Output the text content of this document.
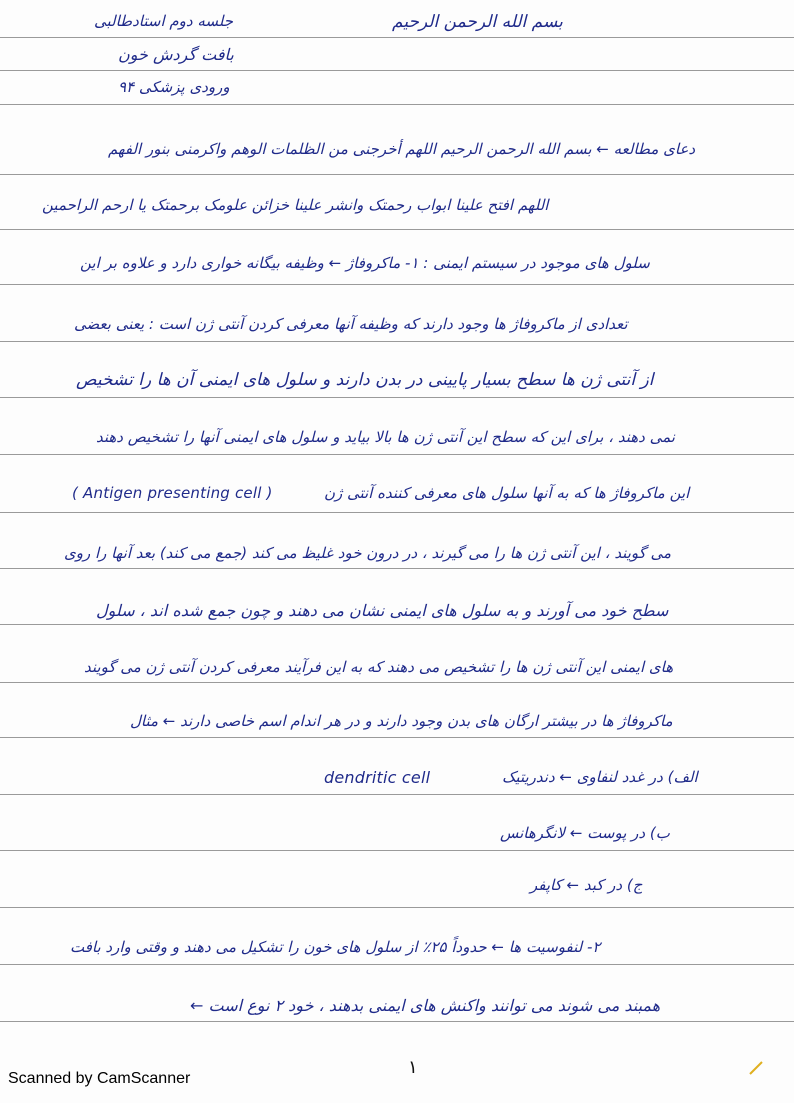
بسم الله الرحمن الرحیم
جلسه دوم استادطالبی
بافت گردش خون
ورودی پزشکی ۹۴
دعای مطالعه ← بسم الله الرحمن الرحیم اللهم أخرجنی من الظلمات الوهم واکرمنی بنور الفهم
اللهم افتح علینا ابواب رحمتک وانشر علینا خزائن علومک برحمتک یا ارحم الراحمین
سلول های موجود در سیستم ایمنی : ۱- ماکروفاژ ← وظیفه بیگانه خواری دارد و علاوه بر این
تعدادی از ماکروفاژ ها وجود دارند که وظیفه آنها معرفی کردن آنتی ژن است : یعنی بعضی
از آنتی ژن ها سطح بسیار پایینی در بدن دارند و سلول های ایمنی آن ها را تشخیص
نمی دهند ، برای این که سطح این آنتی ژن ها بالا بیاید و سلول های ایمنی آنها را تشخیص دهند
این ماکروفاژ ها که به آنها سلول های معرفی کننده آنتی ژن
( Antigen presenting cell )
می گویند ، این آنتی ژن ها را می گیرند ، در درون خود غلیظ می کند (جمع می کند) بعد آنها را روی
سطح خود می آورند و به سلول های ایمنی نشان می دهند و چون جمع شده اند ، سلول
های ایمنی این آنتی ژن ها را تشخیص می دهند که به این فرآیند معرفی کردن آنتی ژن می گویند
ماکروفاژ ها در بیشتر ارگان های بدن وجود دارند و در هر اندام اسم خاصی دارند ← مثال
dendritic cell	الف) در غدد لنفاوی ← دندریتیک
ب) در پوست ← لانگرهانس
ج) در کبد ← کاپفر
۲- لنفوسیت ها ← حدوداً ۲۵٪ از سلول های خون را تشکیل می دهند و وقتی وارد بافت
همبند می شوند می توانند واکنش های ایمنی بدهند ، خود ۲ نوع است ←
۱
Scanned by CamScanner
